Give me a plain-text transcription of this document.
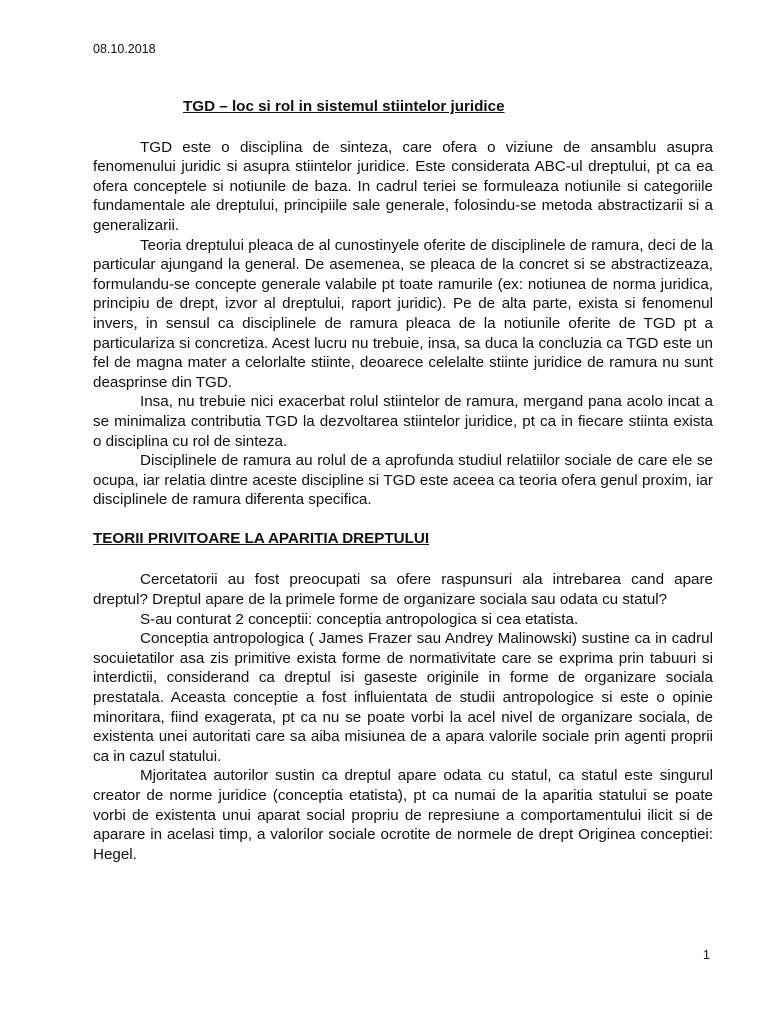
08.10.2018
TGD – loc si rol in sistemul stiintelor juridice

TGD este o disciplina de sinteza, care ofera o viziune de ansamblu asupra fenomenului juridic si asupra stiintelor juridice. Este considerata ABC-ul dreptului, pt ca ea ofera conceptele si notiunile de baza. In cadrul teriei se formuleaza notiunile si categoriile fundamentale ale dreptului, principiile sale generale, folosindu-se metoda abstractizarii si a generalizarii.

Teoria dreptului pleaca de al cunostinyele oferite de disciplinele de ramura, deci de la particular ajungand la general. De asemenea, se pleaca de la concret si se abstractizeaza, formulandu-se concepte generale valabile pt toate ramurile (ex: notiunea de norma juridica, principiu de drept, izvor al dreptului, raport juridic). Pe de alta parte, exista si fenomenul invers, in sensul ca disciplinele de ramura pleaca de la notiunile oferite de TGD pt a particulariza si concretiza. Acest lucru nu trebuie, insa, sa duca la concluzia ca TGD este un fel de magna mater a celorlalte stiinte, deoarece celelalte stiinte juridice de ramura nu sunt deasprinse din TGD.

Insa, nu trebuie nici exacerbat rolul stiintelor de ramura, mergand pana acolo incat a se minimaliza contributia TGD la dezvoltarea stiintelor juridice, pt ca in fiecare stiinta exista o disciplina cu rol de sinteza.

Disciplinele de ramura au rolul de a aprofunda studiul relatiilor sociale de care ele se ocupa, iar relatia dintre aceste discipline si TGD este aceea ca teoria ofera genul proxim, iar disciplinele de ramura diferenta specifica.

TEORII PRIVITOARE LA APARITIA DREPTULUI

Cercetatorii au fost preocupati sa ofere raspunsuri ala intrebarea cand apare dreptul? Dreptul apare de la primele forme de organizare sociala sau odata cu statul?

S-au conturat 2 conceptii: conceptia antropologica si cea etatista.

Conceptia antropologica ( James Frazer sau Andrey Malinowski) sustine ca in cadrul socuietatilor asa zis primitive exista forme de normativitate care se exprima prin tabuuri si interdictii, considerand ca dreptul isi gaseste originile in forme de organizare sociala prestatala. Aceasta conceptie a fost influientata de studii antropologice si este o opinie minoritara, fiind exagerata, pt ca nu se poate vorbi la acel nivel de organizare sociala, de existenta unei autoritati care sa aiba misiunea de a apara valorile sociale prin agenti proprii ca in cazul statului.

Mjoritatea autorilor sustin ca dreptul apare odata cu statul, ca statul este singurul creator de norme juridice (conceptia etatista), pt ca numai de la aparitia statului se poate vorbi de existenta unui aparat social propriu de represiune a comportamentului ilicit si de aparare in acelasi timp, a valorilor sociale ocrotite de normele de drept Originea conceptiei: Hegel.

1
